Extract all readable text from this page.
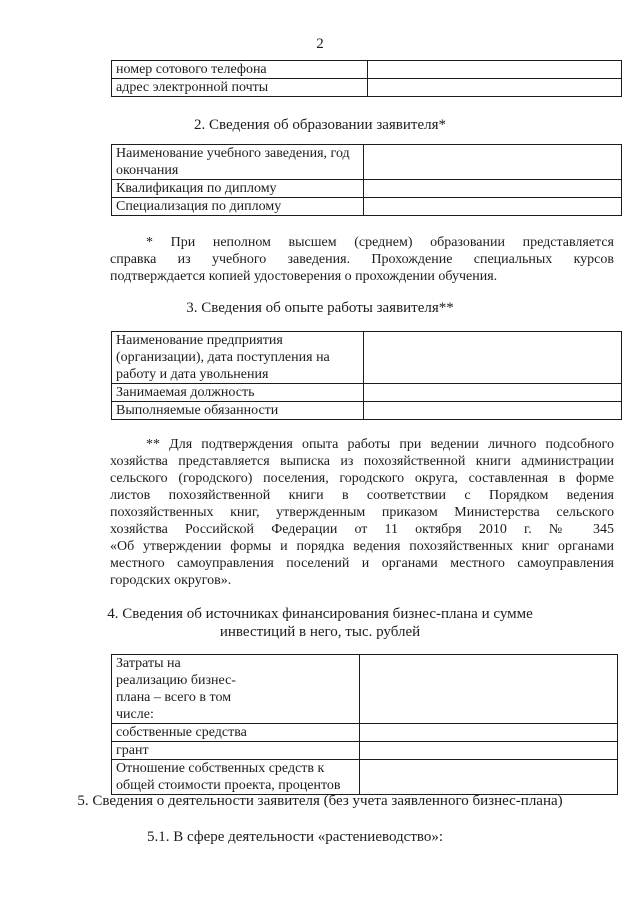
2
номер сотового телефона	
адрес электронной почты	
2. Сведения об образовании заявителя*
Наименование учебного заведения, год окончания	
Квалификация по диплому	
Специализация по диплому	
* При неполном высшем (среднем) образовании представляется
справка из учебного заведения. Прохождение специальных курсов
подтверждается копией удостоверения о прохождении обучения.
3. Сведения об опыте работы заявителя**
Наименование предприятия (организации), дата поступления на работу и дата увольнения	
Занимаемая должность	
Выполняемые обязанности	
** Для подтверждения опыта работы при ведении личного подсобного
хозяйства представляется выписка из похозяйственной книги администрации
сельского (городского) поселения, городского округа, составленная в форме
листов похозяйственной книги в соответствии с Порядком ведения
похозяйственных книг, утвержденным приказом Министерства сельского
хозяйства Российской Федерации от 11 октября 2010 г. № 345
«Об утверждении формы и порядка ведения похозяйственных книг органами
местного самоуправления поселений и органами местного самоуправления
городских округов».
4. Сведения об источниках финансирования бизнес-плана и сумме
инвестиций в него, тыс. рублей
Затраты на реализацию бизнес-плана – всего в том числе:	
собственные средства	
грант	
Отношение собственных средств к общей стоимости проекта, процентов	
5. Сведения о деятельности заявителя (без учета заявленного бизнес-плана)
5.1. В сфере деятельности «растениеводство»:
